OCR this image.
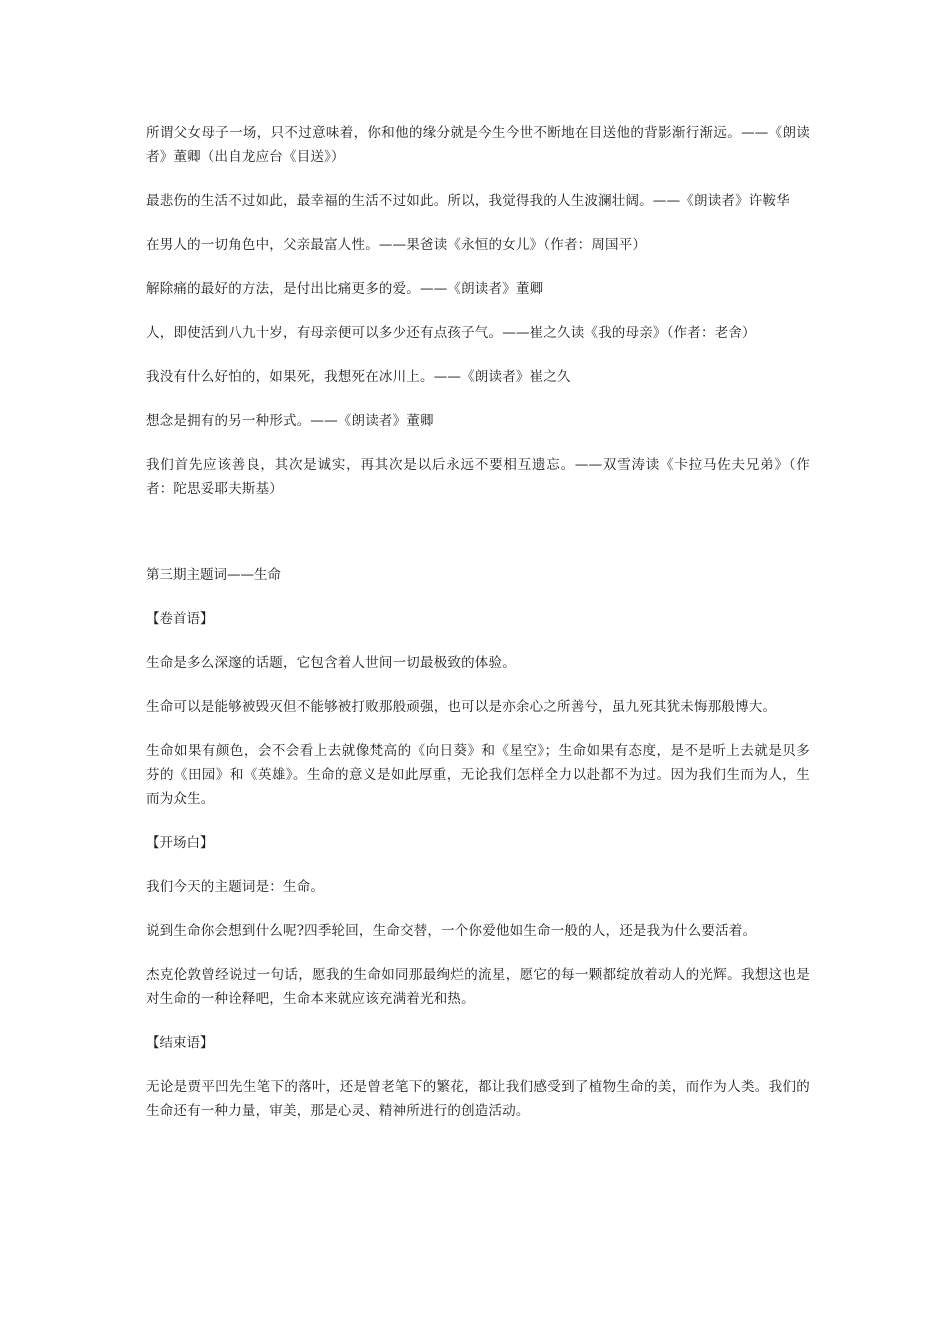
所谓父女母子一场，只不过意味着，你和他的缘分就是今生今世不断地在目送他的背影渐行渐远。——《朗读者》董卿（出自龙应台《目送》）

最悲伤的生活不过如此，最幸福的生活不过如此。所以，我觉得我的人生波澜壮阔。——《朗读者》许鞍华

在男人的一切角色中，父亲最富人性。——果爸读《永恒的女儿》（作者：周国平）

解除痛的最好的方法，是付出比痛更多的爱。——《朗读者》董卿

人，即使活到八九十岁，有母亲便可以多少还有点孩子气。——崔之久读《我的母亲》（作者：老舍）

我没有什么好怕的，如果死，我想死在冰川上。——《朗读者》崔之久

想念是拥有的另一种形式。——《朗读者》董卿

我们首先应该善良，其次是诚实，再其次是以后永远不要相互遗忘。——双雪涛读《卡拉马佐夫兄弟》（作者：陀思妥耶夫斯基）

第三期主题词——生命

【卷首语】

生命是多么深邃的话题，它包含着人世间一切最极致的体验。

生命可以是能够被毁灭但不能够被打败那般顽强，也可以是亦余心之所善兮，虽九死其犹未悔那般博大。

生命如果有颜色，会不会看上去就像梵高的《向日葵》和《星空》；生命如果有态度，是不是听上去就是贝多芬的《田园》和《英雄》。生命的意义是如此厚重，无论我们怎样全力以赴都不为过。因为我们生而为人，生而为众生。

【开场白】

我们今天的主题词是：生命。

说到生命你会想到什么呢?四季轮回，生命交替，一个你爱他如生命一般的人，还是我为什么要活着。

杰克伦敦曾经说过一句话，愿我的生命如同那最绚烂的流星，愿它的每一颗都绽放着动人的光辉。我想这也是对生命的一种诠释吧，生命本来就应该充满着光和热。

【结束语】

无论是贾平凹先生笔下的落叶，还是曾老笔下的繁花，都让我们感受到了植物生命的美，而作为人类。我们的生命还有一种力量，审美，那是心灵、精神所进行的创造活动。
